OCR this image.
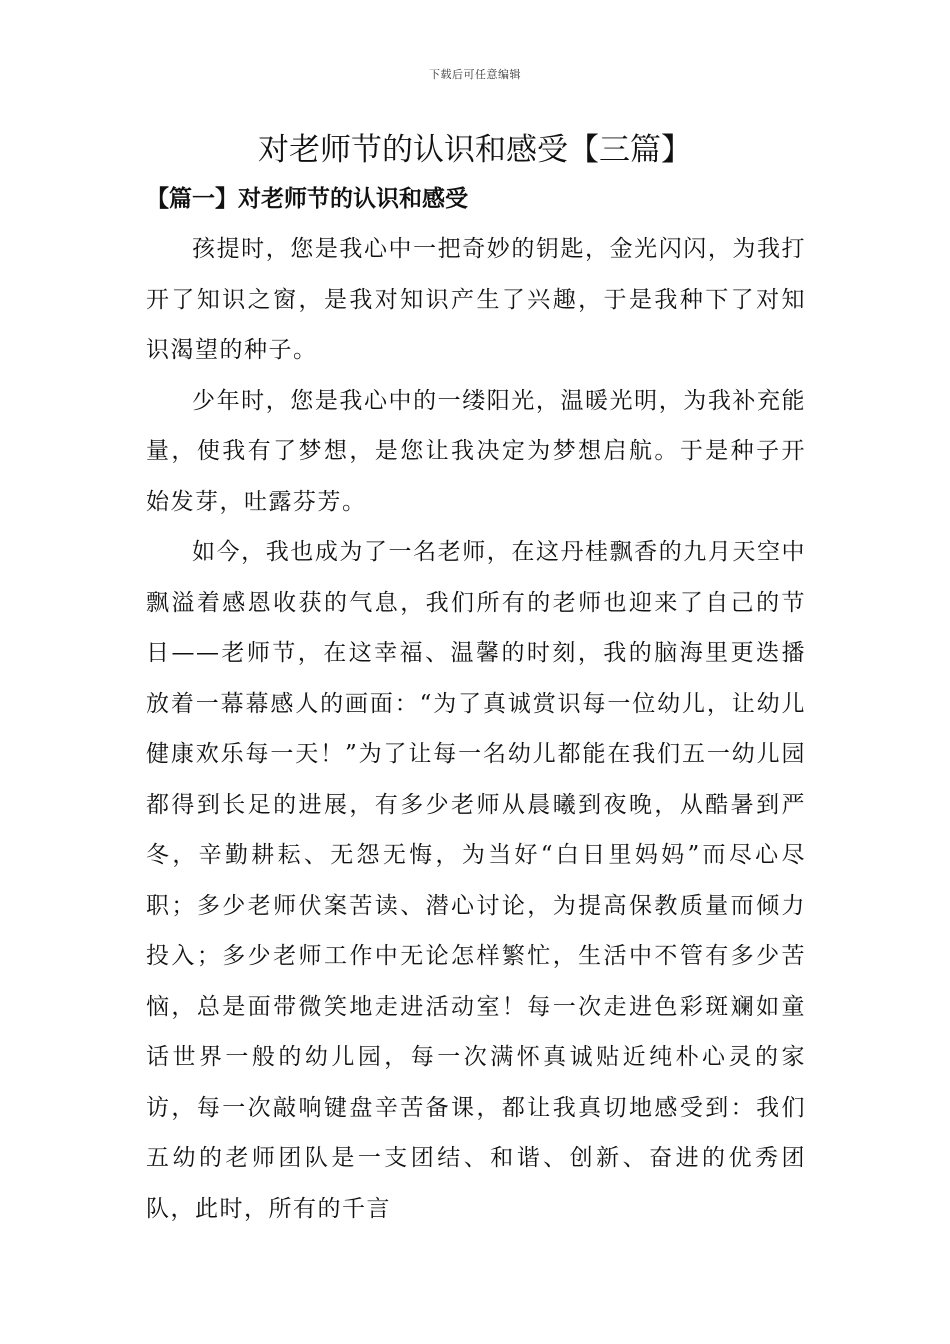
下载后可任意编辑
对老师节的认识和感受【三篇】
【篇一】对老师节的认识和感受

孩提时，您是我心中一把奇妙的钥匙，金光闪闪，为我打开了知识之窗，是我对知识产生了兴趣，于是我种下了对知识渴望的种子。

少年时，您是我心中的一缕阳光，温暖光明，为我补充能量，使我有了梦想，是您让我决定为梦想启航。于是种子开始发芽，吐露芬芳。

如今，我也成为了一名老师，在这丹桂飘香的九月天空中飘溢着感恩收获的气息，我们所有的老师也迎来了自己的节日——老师节，在这幸福、温馨的时刻，我的脑海里更迭播放着一幕幕感人的画面：“为了真诚赏识每一位幼儿，让幼儿健康欢乐每一天！”为了让每一名幼儿都能在我们五一幼儿园都得到长足的进展，有多少老师从晨曦到夜晚，从酷暑到严冬，辛勤耕耘、无怨无悔，为当好“白日里妈妈”而尽心尽职；多少老师伏案苦读、潜心讨论，为提高保教质量而倾力投入；多少老师工作中无论怎样繁忙，生活中不管有多少苦恼，总是面带微笑地走进活动室！每一次走进色彩斑斓如童话世界一般的幼儿园，每一次满怀真诚贴近纯朴心灵的家访，每一次敲响键盘辛苦备课，都让我真切地感受到：我们五幼的老师团队是一支团结、和谐、创新、奋进的优秀团队，此时，所有的千言
